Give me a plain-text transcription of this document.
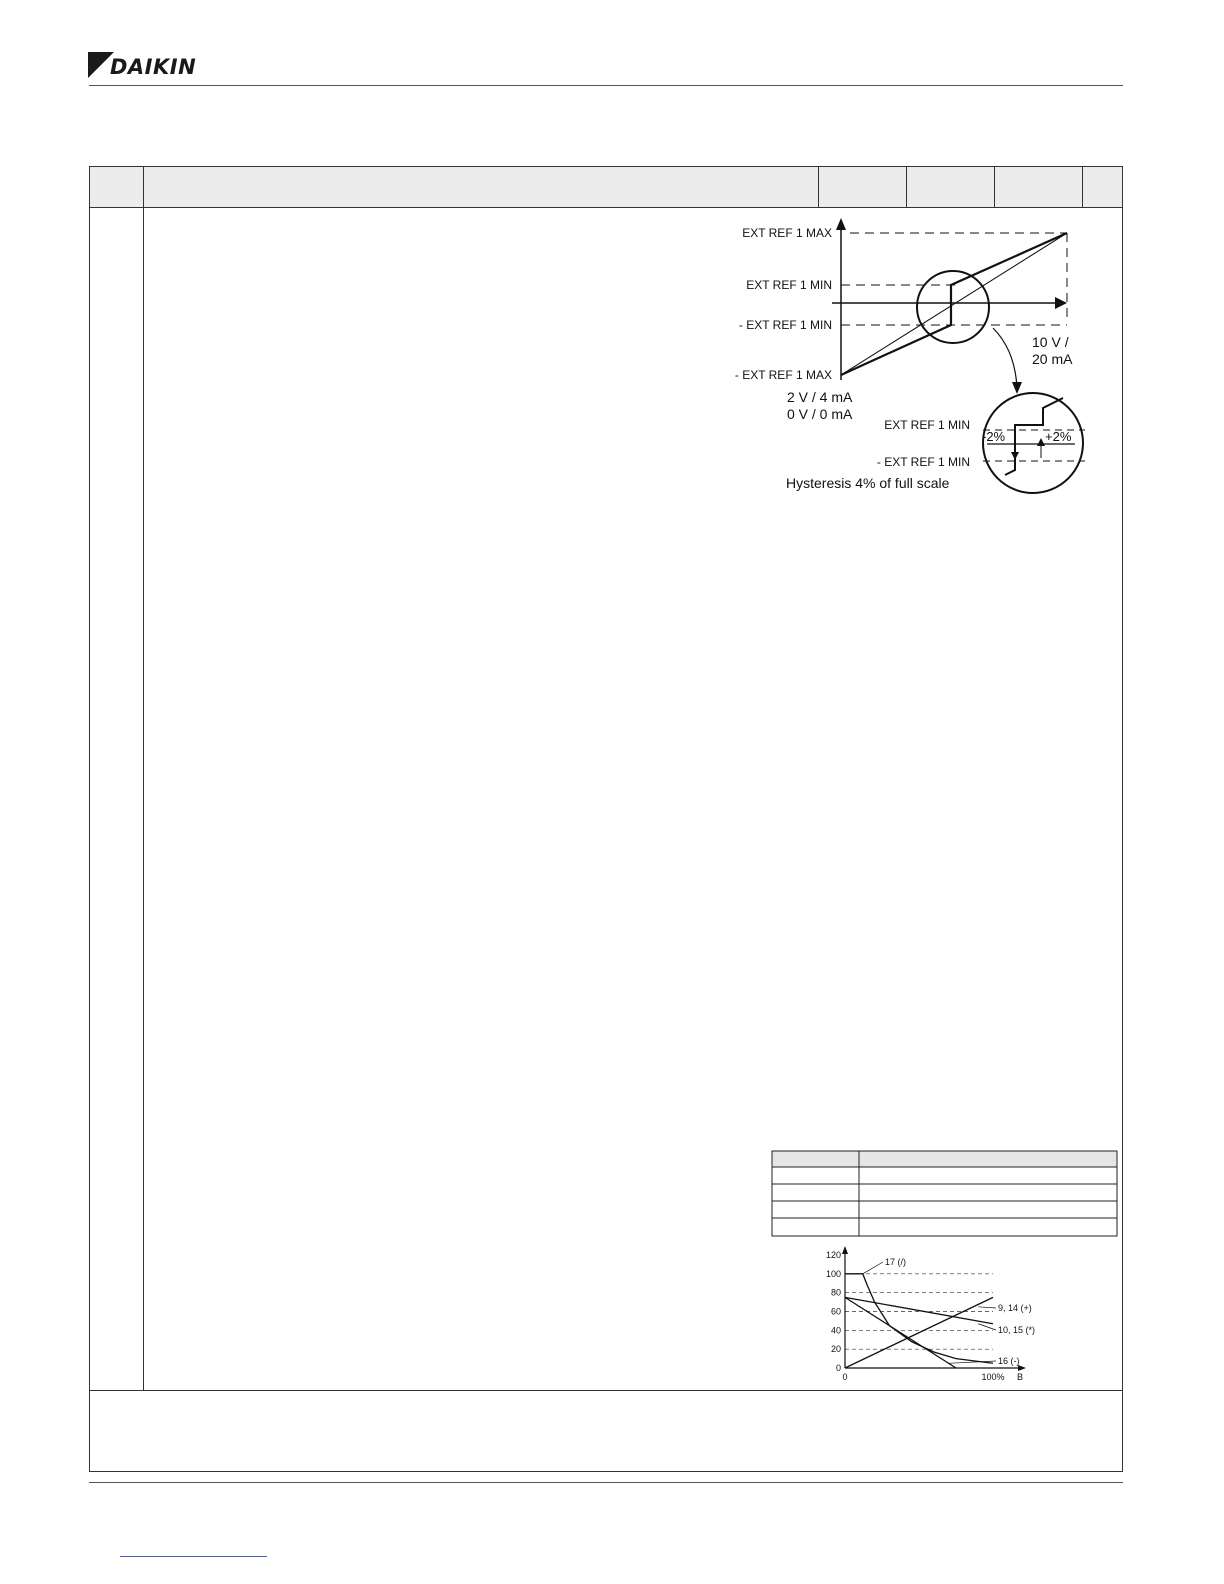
DAIKIN
EXT REF 1 MAX
EXT REF 1 MIN
- EXT REF 1 MIN
- EXT REF 1 MAX
2 V / 4 mA
0 V / 0 mA
10 V /
20 mA
EXT REF 1 MIN
- EXT REF 1 MIN
-2%	+2%
Hysteresis 4% of full scale
0
20
40
60
80
100
120
0	100% B
17 (/)
9, 14 (+)
10, 15 (*)
16 (-)
